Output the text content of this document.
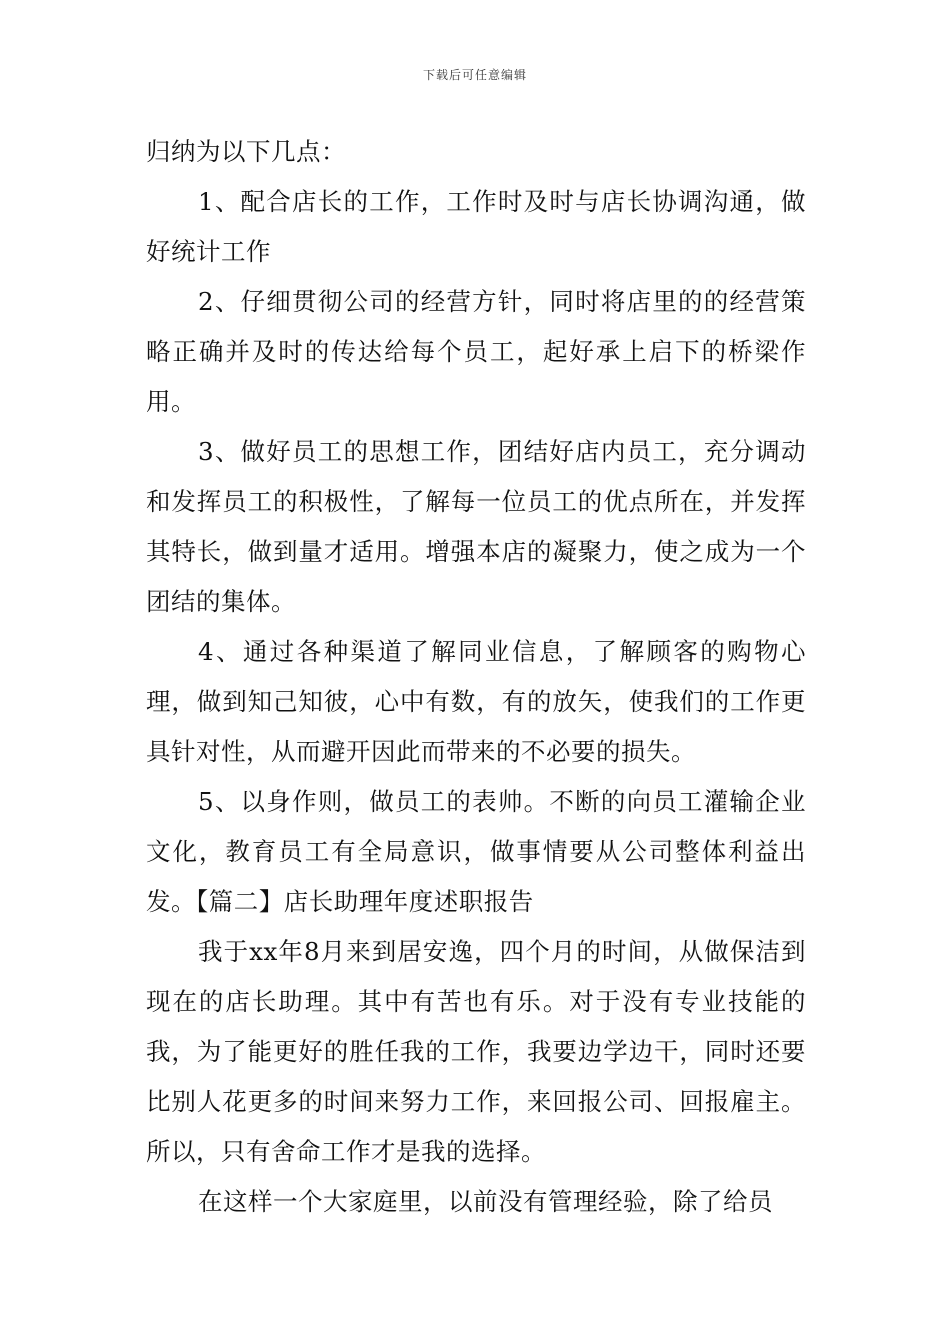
下载后可任意编辑

归纳为以下几点：

1、配合店长的工作，工作时及时与店长协调沟通，做好统计工作

2、仔细贯彻公司的经营方针，同时将店里的的经营策略正确并及时的传达给每个员工，起好承上启下的桥梁作用。

3、做好员工的思想工作，团结好店内员工，充分调动和发挥员工的积极性，了解每一位员工的优点所在，并发挥其特长，做到量才适用。增强本店的凝聚力，使之成为一个团结的集体。

4、通过各种渠道了解同业信息，了解顾客的购物心理，做到知己知彼，心中有数，有的放矢，使我们的工作更具针对性，从而避开因此而带来的不必要的损失。

5、以身作则，做员工的表帅。不断的向员工灌输企业文化，教育员工有全局意识，做事情要从公司整体利益出发。【篇二】店长助理年度述职报告

我于xx年8月来到居安逸，四个月的时间，从做保洁到现在的店长助理。其中有苦也有乐。对于没有专业技能的我，为了能更好的胜任我的工作，我要边学边干，同时还要比别人花更多的时间来努力工作，来回报公司、回报雇主。所以，只有舍命工作才是我的选择。

在这样一个大家庭里，以前没有管理经验，除了给员
